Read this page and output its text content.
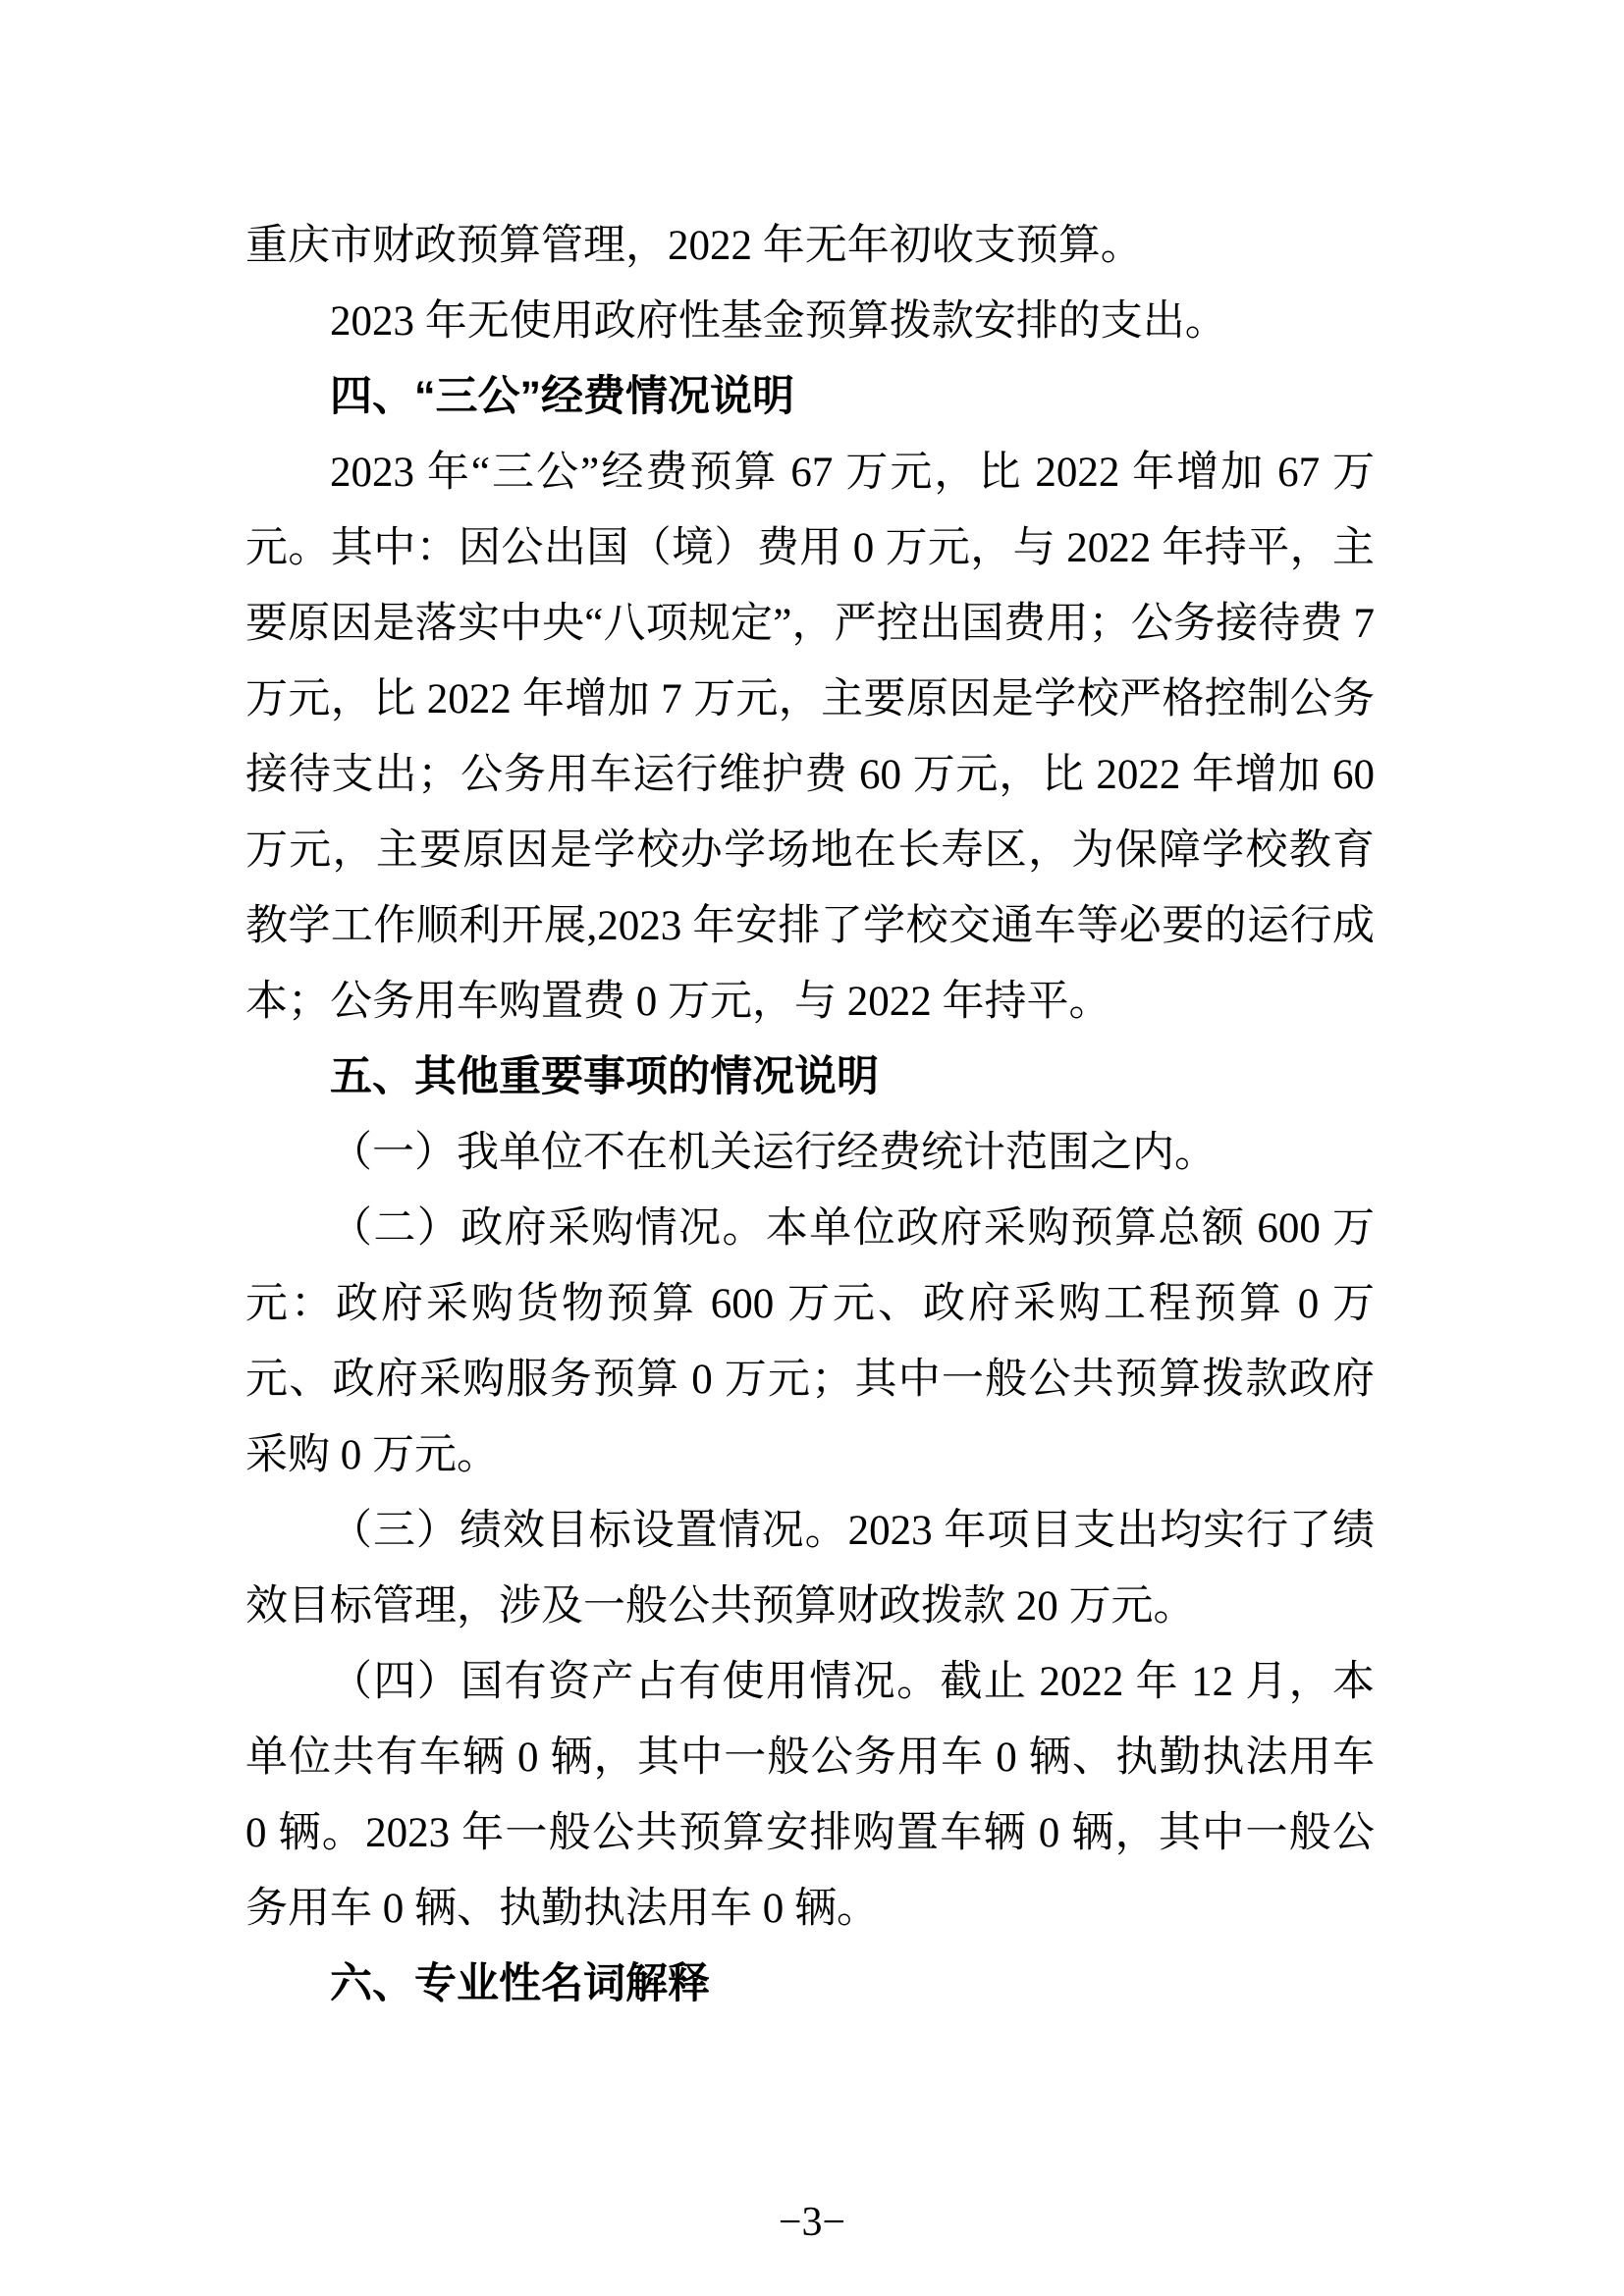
重庆市财政预算管理，2022 年无年初收支预算。

2023 年无使用政府性基金预算拨款安排的支出。

四、“三公”经费情况说明

2023 年“三公”经费预算 67 万元，比 2022 年增加 67 万元。其中：因公出国（境）费用 0 万元，与 2022 年持平，主要原因是落实中央“八项规定”，严控出国费用；公务接待费 7 万元，比 2022 年增加 7 万元，主要原因是学校严格控制公务接待支出；公务用车运行维护费 60 万元，比 2022 年增加 60 万元，主要原因是学校办学场地在长寿区，为保障学校教育教学工作顺利开展,2023 年安排了学校交通车等必要的运行成本；公务用车购置费 0 万元，与 2022 年持平。

五、其他重要事项的情况说明

（一）我单位不在机关运行经费统计范围之内。

（二）政府采购情况。本单位政府采购预算总额 600 万元：政府采购货物预算 600 万元、政府采购工程预算 0 万元、政府采购服务预算 0 万元；其中一般公共预算拨款政府采购 0 万元。

（三）绩效目标设置情况。2023 年项目支出均实行了绩效目标管理，涉及一般公共预算财政拨款 20 万元。

（四）国有资产占有使用情况。截止 2022 年 12 月，本单位共有车辆 0 辆，其中一般公务用车 0 辆、执勤执法用车 0 辆。2023 年一般公共预算安排购置车辆 0 辆，其中一般公务用车 0 辆、执勤执法用车 0 辆。

六、专业性名词解释

−3−
